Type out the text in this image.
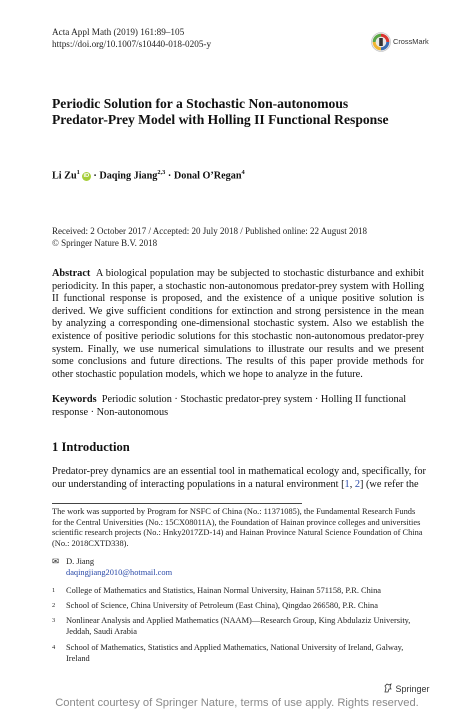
Acta Appl Math (2019) 161:89–105
https://doi.org/10.1007/s10440-018-0205-y	CrossMark
Periodic Solution for a Stochastic Non-autonomous Predator-Prey Model with Holling II Functional Response
Li $Zu^1iD$ · Daqing Jiang$^{2,3}$ · Donal O’Regan$^4$
Received: 2 October 2017 / Accepted: 20 July 2018 / Published online: 22 August 2018
© Springer Nature B.V. 2018
Abstract A biological population may be subjected to stochastic disturbance and exhibit periodicity. In this paper, a stochastic non-autonomous predator-prey system with Holling II functional response is proposed, and the existence of a unique positive solution is derived. We give sufficient conditions for extinction and strong persistence in the mean by analyzing a corresponding one-dimensional stochastic system. Also we establish the existence of positive periodic solutions for this stochastic non-autonomous predator-prey system. Finally, we use numerical simulations to illustrate our results and we present some conclusions and future directions. The results of this paper provide methods for other stochastic population models, which we hope to analyze in the future.
Keywords Periodic solution · Stochastic predator-prey system · Holling II functional response · Non-autonomous
1 Introduction
Predator-prey dynamics are an essential tool in mathematical ecology and, specifically, for our understanding of interacting populations in a natural environment [1, 2] (we refer the
The work was supported by Program for NSFC of China (No.: 11371085), the Fundamental Research Funds for the Central Universities (No.: 15CX08011A), the Foundation of Hainan province colleges and universities scientific research projects (No.: Hnky2017ZD-14) and Hainan Province Natural Science Foundation of China (No.: 2018CXTD338).
✉ D. Jiang
daqingjiang2010@hotmail.com
1 College of Mathematics and Statistics, Hainan Normal University, Hainan 571158, P.R. China
2 School of Science, China University of Petroleum (East China), Qingdao 266580, P.R. China
3 Nonlinear Analysis and Applied Mathematics (NAAM)—Research Group, King Abdulaziz University, Jeddah, Saudi Arabia
4 School of Mathematics, Statistics and Applied Mathematics, National University of Ireland, Galway, Ireland
Springer
Content courtesy of Springer Nature, terms of use apply. Rights reserved.
